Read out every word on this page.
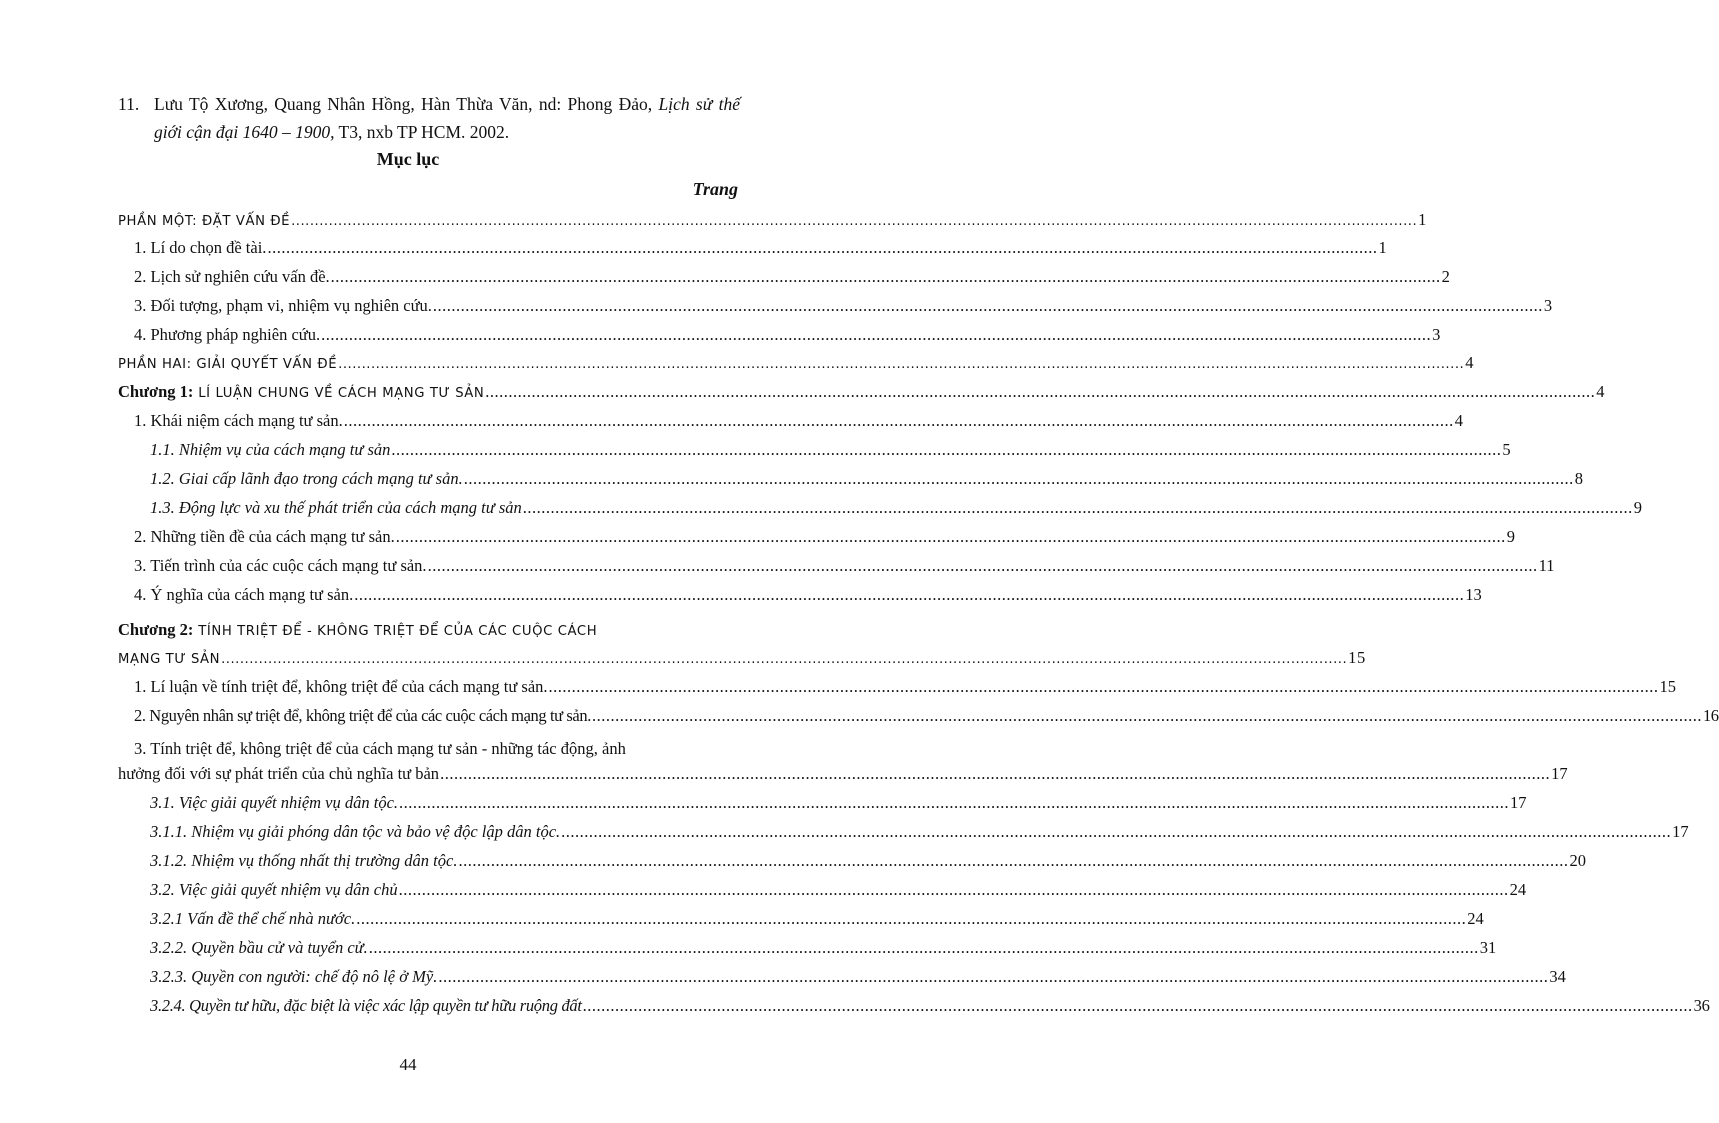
11. Lưu Tộ Xương, Quang Nhân Hồng, Hàn Thừa Văn, nd: Phong Đảo, Lịch sử thế giới cận đại 1640 – 1900, T3, nxb TP HCM. 2002.
Mục lục
Trang
PHẦN MỘT: ĐẶT VẤN ĐỀ ................................................................................................................................................................................................................................................ 1
1. Lí do chọn đề tài. ................................................................................................................................................................................................................................................ 1
2. Lịch sử nghiên cứu vấn đề. ................................................................................................................................................................................................................................................ 2
3. Đối tượng, phạm vi, nhiệm vụ nghiên cứu. ................................................................................................................................................................................................................................................ 3
4. Phương pháp nghiên cứu. ................................................................................................................................................................................................................................................ 3
PHẦN HAI: GIẢI QUYẾT VẤN ĐỀ ................................................................................................................................................................................................................................................ 4
Chương 1: LÍ LUẬN CHUNG VỀ CÁCH MẠNG TƯ SẢN ................................................................................................................................................................................................................................................ 4
1. Khái niệm cách mạng tư sản. ................................................................................................................................................................................................................................................ 4
1.1. Nhiệm vụ của cách mạng tư sản ................................................................................................................................................................................................................................................ 5
1.2. Giai cấp lãnh đạo trong cách mạng tư sản. ................................................................................................................................................................................................................................................ 8
1.3. Động lực và xu thế phát triển của cách mạng tư sản ................................................................................................................................................................................................................................................ 9
2. Những tiền đề của cách mạng tư sản. ................................................................................................................................................................................................................................................ 9
3. Tiến trình của các cuộc cách mạng tư sản. ................................................................................................................................................................................................................................................ 11
4. Ý nghĩa của cách mạng tư sản. ................................................................................................................................................................................................................................................ 13
Chương 2: TÍNH TRIỆT ĐỂ - KHÔNG TRIỆT ĐỂ CỦA CÁC CUỘC CÁCH
MẠNG TƯ SẢN ................................................................................................................................................................................................................................................ 15
1. Lí luận về tính triệt để, không triệt để của cách mạng tư sản. ................................................................................................................................................................................................................................................ 15
2. Nguyên nhân sự triệt để, không triệt để của các cuộc cách mạng tư sản. ................................................................................................................................................................................................................................................ 16
3. Tính triệt để, không triệt để của cách mạng tư sản - những tác động, ảnh
hưởng đối với sự phát triển của chủ nghĩa tư bản ................................................................................................................................................................................................................................................ 17
3.1. Việc giải quyết nhiệm vụ dân tộc. ................................................................................................................................................................................................................................................ 17
3.1.1. Nhiệm vụ giải phóng dân tộc và bảo vệ độc lập dân tộc. ................................................................................................................................................................................................................................................ 17
3.1.2. Nhiệm vụ thống nhất thị trường dân tộc. ................................................................................................................................................................................................................................................ 20
3.2. Việc giải quyết nhiệm vụ dân chủ ................................................................................................................................................................................................................................................ 24
3.2.1 Vấn đề thể chế nhà nước. ................................................................................................................................................................................................................................................ 24
3.2.2. Quyền bầu cử và tuyển cử. ................................................................................................................................................................................................................................................ 31
3.2.3. Quyền con người: chế độ nô lệ ở Mỹ. ................................................................................................................................................................................................................................................ 34
3.2.4. Quyền tư hữu, đặc biệt là việc xác lập quyền tư hữu ruộng đất ................................................................................................................................................................................................................................................ 36
44
